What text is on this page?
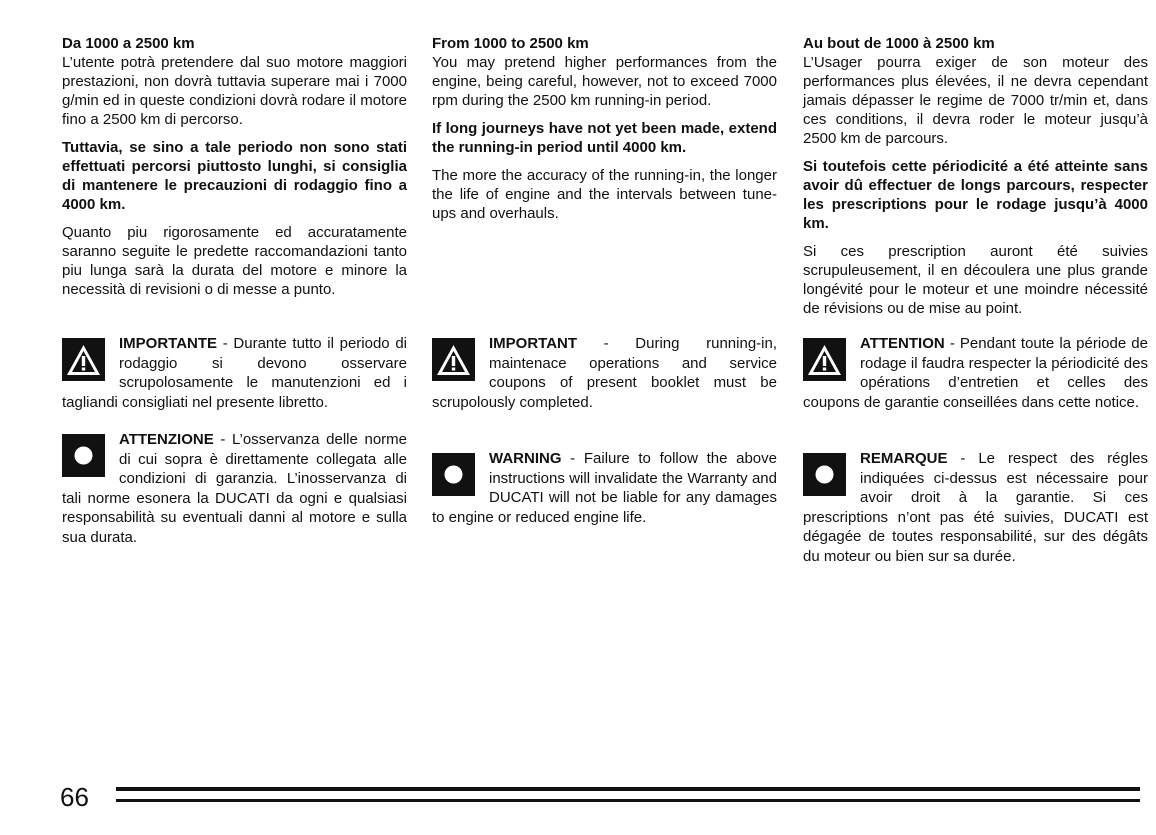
Da 1000 a 2500 km

L’utente potrà pretendere dal suo motore maggiori prestazioni, non dovrà tuttavia superare mai i 7000 g/min ed in queste condizioni dovrà rodare il motore fino a 2500 km di percorso.

Tuttavia, se sino a tale periodo non sono stati effettuati percorsi piuttosto lunghi, si consiglia di mantenere le precauzioni di rodaggio fino a 4000 km.

Quanto piu rigorosamente ed accuratamente saranno seguite le predette raccomandazioni tanto piu lunga sarà la durata del motore e minore la necessità di revisioni o di messe a punto.

From 1000 to 2500 km

You may pretend higher performances from the engine, being careful, however, not to exceed 7000 rpm during the 2500 km running-in period.

If long journeys have not yet been made, extend the running-in period until 4000 km.

The more the accuracy of the running-in, the longer the life of engine and the intervals between tune-ups and overhauls.

Au bout de 1000 à 2500 km

L’Usager pourra exiger de son moteur des performances plus élevées, il ne devra cependant jamais dépasser le regime de 7000 tr/min et, dans ces conditions, il devra roder le moteur jusqu’à 2500 km de parcours.

Si toutefois cette périodicité a été atteinte sans avoir dû effectuer de longs parcours, respecter les prescriptions pour le rodage jusqu’à 4000 km.

Si ces prescription auront été suivies scrupuleusement, il en découlera une plus grande longévité pour le moteur et une moindre nécessité de révisions ou de mise au point.

IMPORTANTE - Durante tutto il periodo di rodaggio si devono osservare scrupolosamente le manutenzioni ed i tagliandi consigliati nel presente libretto.
IMPORTANT - During running-in, maintenace operations and service coupons of present booklet must be scrupolously completed.
ATTENTION - Pendant toute la période de rodage il faudra respecter la périodicité des opérations d’entretien et celles des coupons de garantie conseillées dans cette notice.
ATTENZIONE - L’osservanza delle norme di cui sopra è direttamente collegata alle condizioni di garanzia. L’inosservanza di tali norme esonera la DUCATI da ogni e qualsiasi responsabilità su eventuali danni al motore e sulla sua durata.
WARNING - Failure to follow the above instructions will invalidate the Warranty and DUCATI will not be liable for any damages to engine or reduced engine life.
REMARQUE - Le respect des régles indiquées ci-dessus est nécessaire pour avoir droit à la garantie. Si ces prescriptions n’ont pas été suivies, DUCATI est dégagée de toutes responsabilité, sur des dégâts du moteur ou bien sur sa durée.
66
